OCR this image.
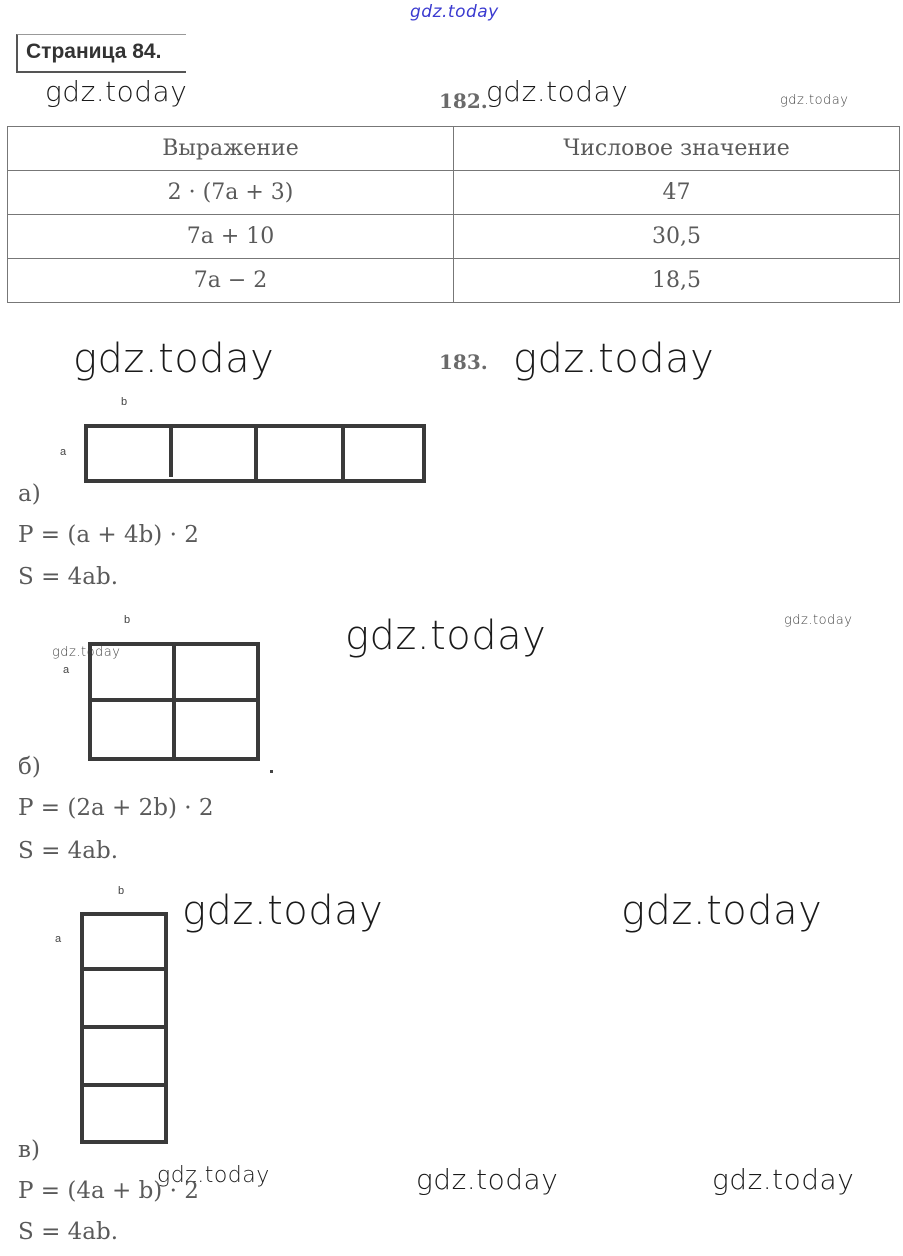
gdz.today
gdz.today	gdz.today	gdz.today
gdz.today	gdz.today
gdz.today	gdz.today
gdz.today
gdz.today	gdz.today
gdz.today	gdz.today	gdz.today
Страница 84.
182.
Выражение	Числовое значение
2 · (7a + 3)	47
7a + 10	30,5
7a − 2	18,5
183.
b
a
а)
P = (a + 4b) · 2
S = 4ab.
b
a
б)
P = (2a + 2b) · 2
S = 4ab.
b
a
в)
P = (4a + b) · 2
S = 4ab.
